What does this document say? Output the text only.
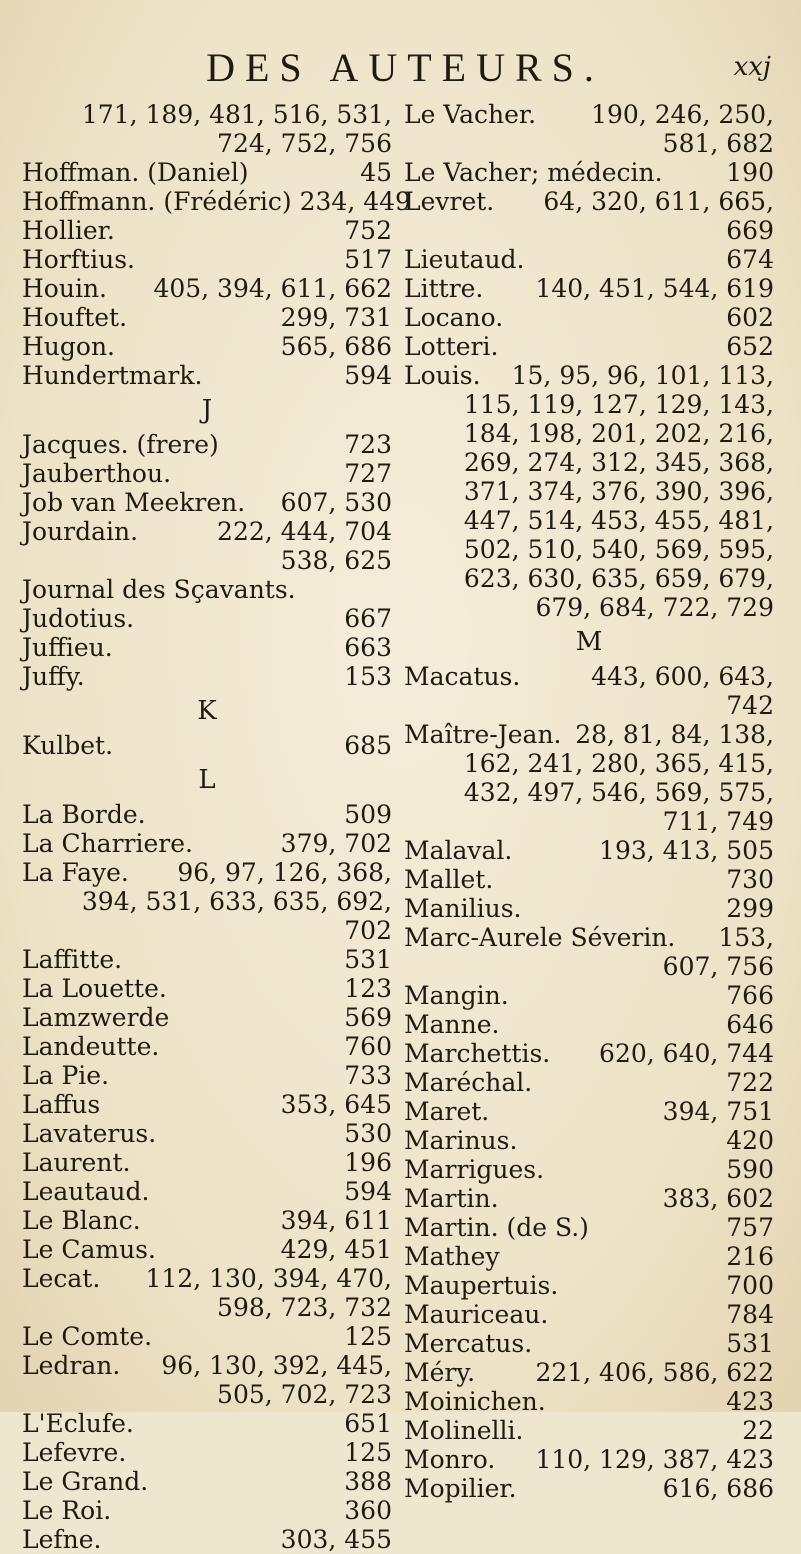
DES AUTEURS.	xxj
171, 189, 481, 516, 531,
724, 752, 756
45
Hoffman. (Daniel)
Hoffmann. (Frédéric) 234, 449
752
Hollier.
517
Horftius.
405, 394, 611, 662
Houin.
299, 731
Houftet.
565, 686
Hugon.
594
Hundertmark.
J
723
Jacques. (frere)
727
Jauberthou.
607, 530
Job van Meekren.
222, 444, 704
Jourdain.
538, 625
Journal des Sçavants.
667
Judotius.
663
Juffieu.
153
Juffy.
K
685
Kulbet.
L
509
La Borde.
379, 702
La Charriere.
96, 97, 126, 368,
La Faye.
394, 531, 633, 635, 692,
702
531
Laffitte.
123
La Louette.
569
Lamzwerde
760
Landeutte.
733
La Pie.
353, 645
Laffus
530
Lavaterus.
196
Laurent.
594
Leautaud.
394, 611
Le Blanc.
429, 451
Le Camus.
112, 130, 394, 470,
Lecat.
598, 723, 732
125
Le Comte.
96, 130, 392, 445,
Ledran.
505, 702, 723
651
L'Eclufe.
125
Lefevre.
388
Le Grand.
360
Le Roi.
303, 455
Lefne.
190, 246, 250,
Le Vacher.
581, 682
190
Le Vacher; médecin.
64, 320, 611, 665,
Levret.
669
674
Lieutaud.
140, 451, 544, 619
Littre.
602
Locano.
652
Lotteri.
15, 95, 96, 101, 113,
Louis.
115, 119, 127, 129, 143,
184, 198, 201, 202, 216,
269, 274, 312, 345, 368,
371, 374, 376, 390, 396,
447, 514, 453, 455, 481,
502, 510, 540, 569, 595,
623, 630, 635, 659, 679,
679, 684, 722, 729
M
443, 600, 643,
Macatus.
742
28, 81, 84, 138,
Maître-Jean.
162, 241, 280, 365, 415,
432, 497, 546, 569, 575,
711, 749
193, 413, 505
Malaval.
730
Mallet.
299
Manilius.
153,
Marc-Aurele Séverin.
607, 756
766
Mangin.
646
Manne.
620, 640, 744
Marchettis.
722
Maréchal.
394, 751
Maret.
420
Marinus.
590
Marrigues.
383, 602
Martin.
757
Martin. (de S.)
216
Mathey
700
Maupertuis.
784
Mauriceau.
531
Mercatus.
221, 406, 586, 622
Méry.
423
Moinichen.
22
Molinelli.
110, 129, 387, 423
Monro.
616, 686
Mopilier.
